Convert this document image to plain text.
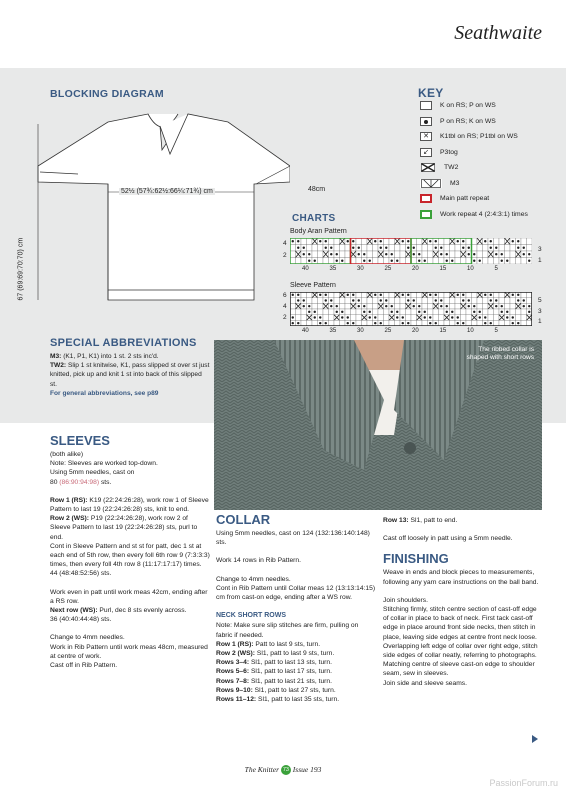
Seathwaite
BLOCKING DIAGRAM
52½ (57¾:62½:66¼:71¾) cm	48cm
67 (69:69:70:70) cm
KEY
K on RS; P on WS
P on RS; K on WS
✕	K1tbl on RS; P1tbl on WS
↙	P3tog
TW2
M3
Main patt repeat
Work repeat 4 (2:4:3:1) times
CHARTS
Body Aran Pattern
4
2
3
1
40	35	30	25	20	15	10	5
Sleeve Pattern
6
4
2
5
3
1
40	35	30	25	20	15	10	5
SPECIAL ABBREVIATIONS
M3: (K1, P1, K1) into 1 st. 2 sts inc'd.
TW2: Slip 1 st knitwise, K1, pass slipped st over st just knitted, pick up and knit 1 st into back of this slipped st.
For general abbreviations, see p89
The ribbed collar is shaped with short rows
SLEEVES
(both alike)
Note: Sleeves are worked top-down.
Using 5mm needles, cast on

80 (86:90:94:98) sts.

Row 1 (RS): K19 (22:24:26:28), work row 1 of Sleeve Pattern to last 19 (22:24:26:28) sts, knit to end.
Row 2 (WS): P19 (22:24:26:28), work row 2 of Sleeve Pattern to last 19 (22:24:26:28) sts, purl to end.
Cont in Sleeve Pattern and st st for patt, dec 1 st at each end of 5th row, then every foll 6th row 9 (7:3:3:3) times, then every foll 4th row 8 (11:17:17:17) times.

44 (48:48:52:56) sts.

Work even in patt until work meas 42cm, ending after a RS row.
Next row (WS): Purl, dec 8 sts evenly across.

36 (40:40:44:48) sts.

Change to 4mm needles.
Work in Rib Pattern until work meas 48cm, measured at centre of work.
Cast off in Rib Pattern.
COLLAR

Using 5mm needles, cast on 124 (132:136:140:148) sts.

Work 14 rows in Rib Pattern.

Change to 4mm needles.

Cont in Rib Pattern until Collar meas 12 (13:13:14:15) cm from cast-on edge, ending after a WS row.

NECK SHORT ROWS
Note: Make sure slip stitches are firm, pulling on fabric if needed.
Row 1 (RS): Patt to last 9 sts, turn.
Row 2 (WS): Sl1, patt to last 9 sts, turn.
Rows 3–4: Sl1, patt to last 13 sts, turn.
Rows 5–6: Sl1, patt to last 17 sts, turn.
Rows 7–8: Sl1, patt to last 21 sts, turn.
Rows 9–10: Sl1, patt to last 27 sts, turn.
Rows 11–12: Sl1, patt to last 35 sts, turn.

Row 13: Sl1, patt to end.

Cast off loosely in patt using a 5mm needle.

FINISHING

Weave in ends and block pieces to measurements, following any yarn care instructions on the ball band.

Join shoulders.
Stitching firmly, stitch centre section of cast-off edge of collar in place to back of neck. First tack cast-off edge in place around front side necks, then stitch in place, leaving side edges at centre front neck loose. Overlapping left edge of collar over right edge, stitch side edges of collar neatly, referring to photographs.
Matching centre of sleeve cast-on edge to shoulder seam, sew in sleeves.
Join side and sleeve seams.
The Knitter 73 Issue 193
PassionForum.ru
